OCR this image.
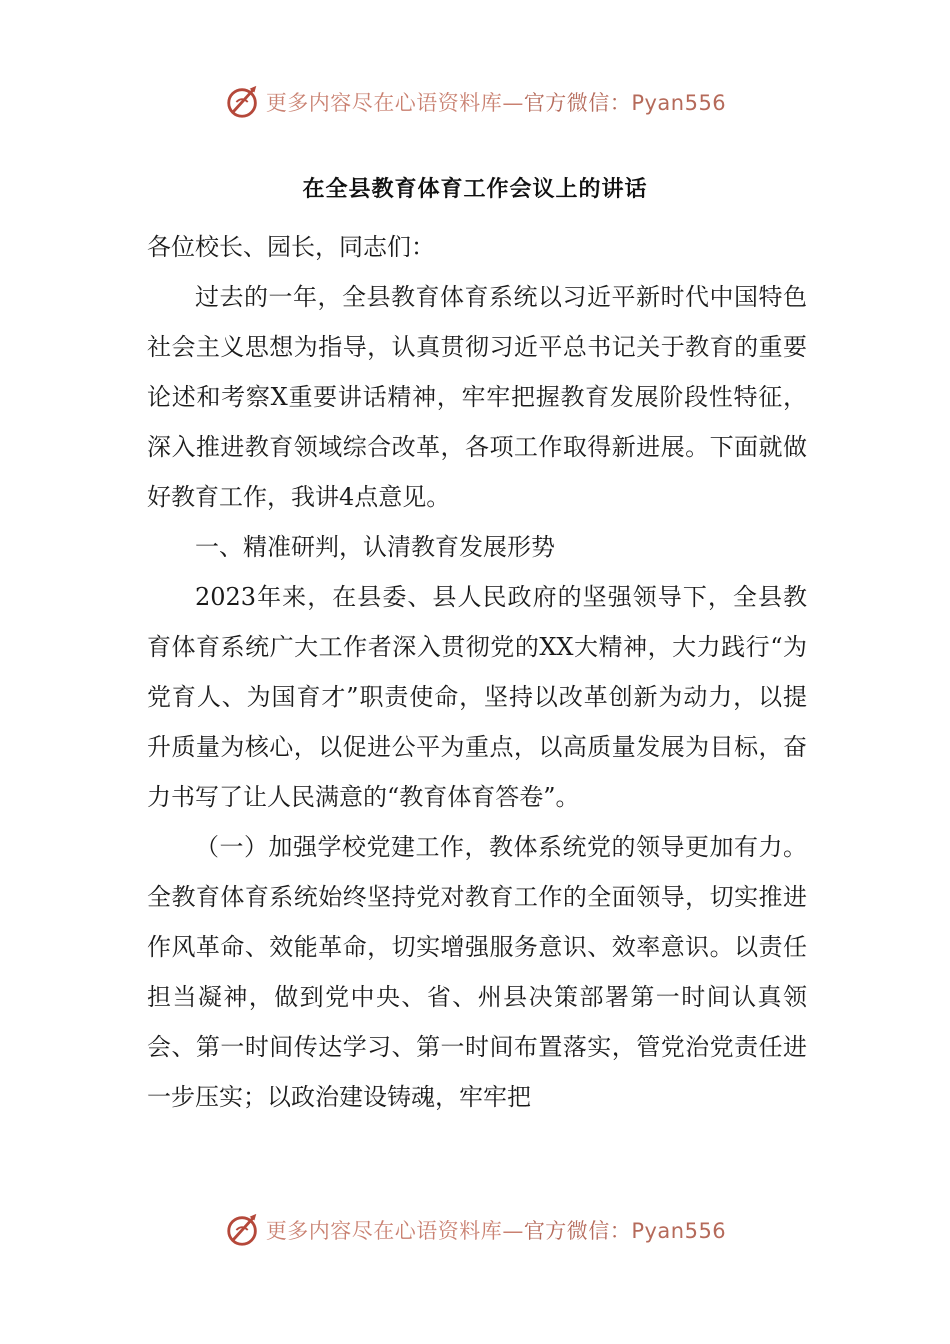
更多内容尽在心语资料库—官方微信：Pyan556
在全县教育体育工作会议上的讲话

各位校长、园长，同志们：

过去的一年，全县教育体育系统以习近平新时代中国特色社会主义思想为指导，认真贯彻习近平总书记关于教育的重要论述和考察X重要讲话精神，牢牢把握教育发展阶段性特征，深入推进教育领域综合改革，各项工作取得新进展。下面就做好教育工作，我讲4点意见。

一、精准研判，认清教育发展形势

2023年来，在县委、县人民政府的坚强领导下，全县教育体育系统广大工作者深入贯彻党的XX大精神，大力践行“为党育人、为国育才”职责使命，坚持以改革创新为动力，以提升质量为核心，以促进公平为重点，以高质量发展为目标，奋力书写了让人民满意的“教育体育答卷”。

（一）加强学校党建工作，教体系统党的领导更加有力。全教育体育系统始终坚持党对教育工作的全面领导，切实推进作风革命、效能革命，切实增强服务意识、效率意识。以责任担当凝神，做到党中央、省、州县决策部署第一时间认真领会、第一时间传达学习、第一时间布置落实，管党治党责任进一步压实；以政治建设铸魂，牢牢把

更多内容尽在心语资料库—官方微信：Pyan556
